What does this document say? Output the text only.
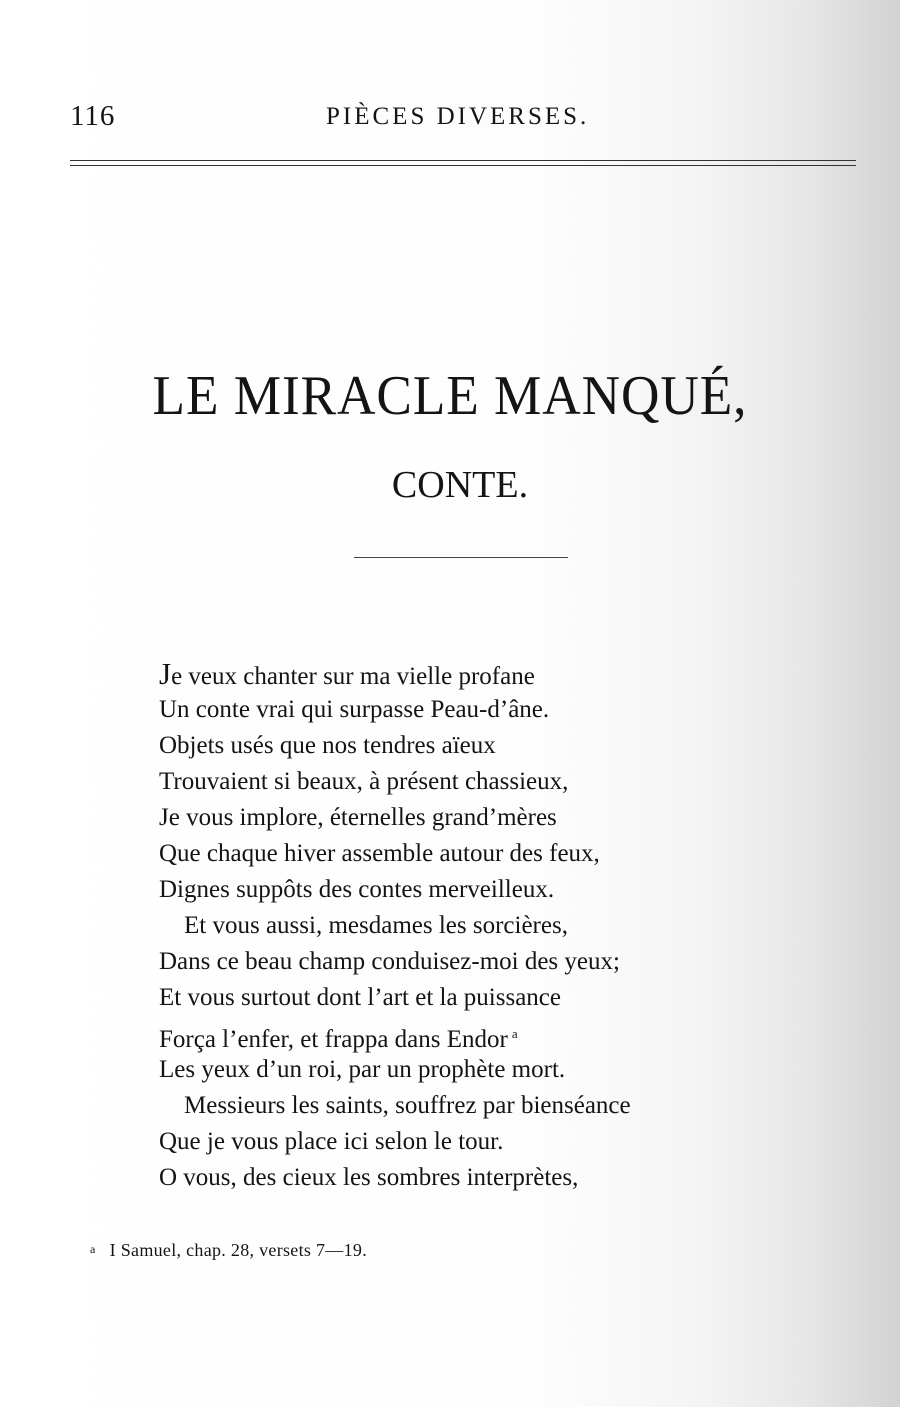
116	PIÈCES DIVERSES.
LE MIRACLE MANQUÉ,
CONTE.
Je veux chanter sur ma vielle profane
Un conte vrai qui surpasse Peau-d’âne.
Objets usés que nos tendres aïeux
Trouvaient si beaux, à présent chassieux,
Je vous implore, éternelles grand’mères
Que chaque hiver assemble autour des feux,
Dignes suppôts des contes merveilleux.
Et vous aussi, mesdames les sorcières,
Dans ce beau champ conduisez-moi des yeux;
Et vous surtout dont l’art et la puissance
Força l’enfer, et frappa dans Endor $^a$
Les yeux d’un roi, par un prophète mort.
Messieurs les saints, souffrez par bienséance
Que je vous place ici selon le tour.
O vous, des cieux les sombres interprètes,
a I Samuel, chap. 28, versets 7—19.
